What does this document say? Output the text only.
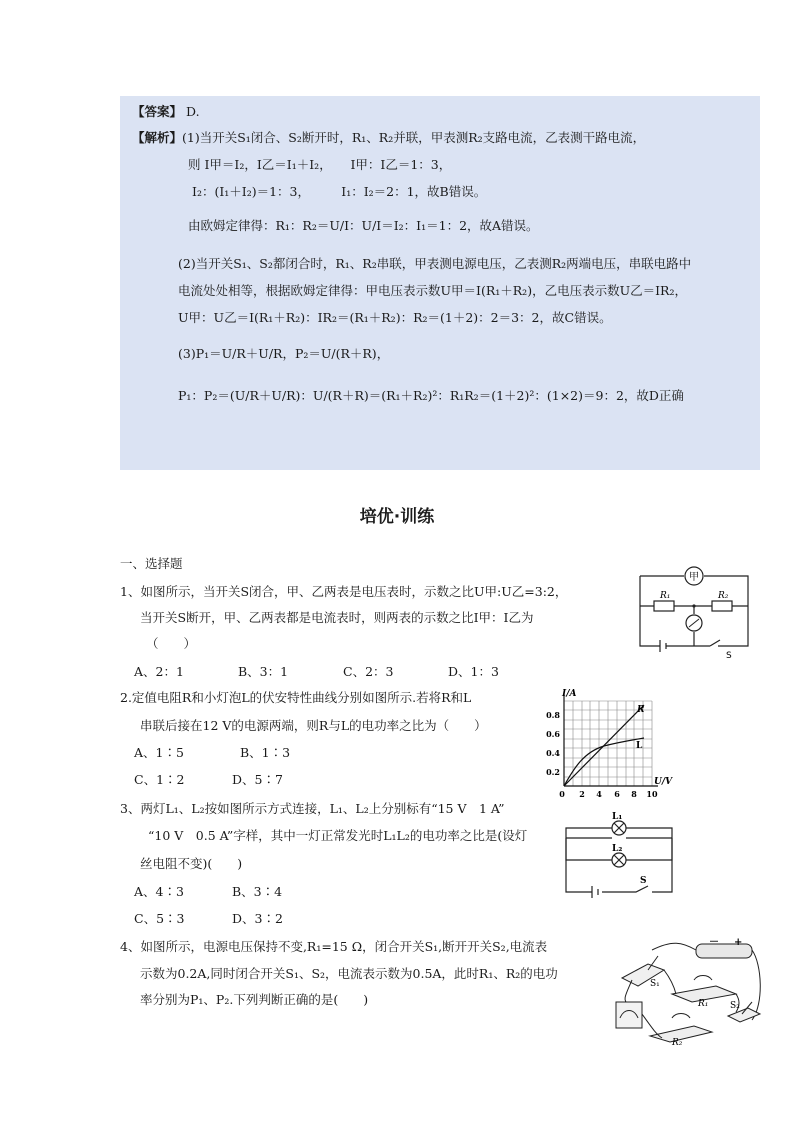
【答案】 D.
【解析】(1)当开关S₁闭合、S₂断开时，R₁、R₂并联，甲表测R₂支路电流，乙表测干路电流，
则 I甲＝I₂，I乙＝I₁＋I₂，　　I甲：I乙＝1：3，
I₂：(I₁＋I₂)＝1：3，　　　I₁：I₂＝2：1，故B错误。
由欧姆定律得：R₁：R₂＝U/I：U/I＝I₂：I₁＝1：2，故A错误。
(2)当开关S₁、S₂都闭合时，R₁、R₂串联，甲表测电源电压，乙表测R₂两端电压，串联电路中
电流处处相等，根据欧姆定律得：甲电压表示数U甲＝I(R₁＋R₂)，乙电压表示数U乙＝IR₂，
U甲：U乙＝I(R₁＋R₂)：IR₂＝(R₁＋R₂)：R₂＝(1＋2)：2＝3：2，故C错误。
(3)P₁＝U/R＋U/R，P₂＝U/(R＋R)，
P₁：P₂＝(U/R＋U/R)：U/(R＋R)＝(R₁＋R₂)²：R₁R₂＝(1＋2)²：(1×2)＝9：2，故D正确
培优·训练
一、选择题
1、如图所示，当开关S闭合，甲、乙两表是电压表时，示数之比U甲:U乙=3:2，
当开关S断开，甲、乙两表都是电流表时，则两表的示数之比I甲：I乙为
（　　）
A、2：1	B、3：1	C、2：3	D、1：3
甲
R₁	R₂
S
2.定值电阻R和小灯泡L的伏安特性曲线分别如图所示.若将R和L
串联后接在12 V的电源两端，则R与L的电功率之比为（　　）
A、1∶5	B、1∶3
C、1∶2	D、5∶7
I/A
U/V
0.2
0.4
0.6
0.8
0 2 4 6 8 10
R
L
3、两灯L₁、L₂按如图所示方式连接，L₁、L₂上分别标有“15 V　1 A”
“10 V　0.5 A”字样，其中一灯正常发光时L₁L₂的电功率之比是(设灯
丝电阻不变)(　　)
A、4∶3	B、3∶4
C、5∶3	D、3∶2
L₁
L₂
S
4、如图所示，电源电压保持不变,R₁=15 Ω，闭合开关S₁,断开开关S₂,电流表
示数为0.2A,同时闭合开关S₁、S₂，电流表示数为0.5A，此时R₁、R₂的电功
率分别为P₁、P₂.下列判断正确的是(　　)
－ +
S₁
R₁ S₂
R₂
